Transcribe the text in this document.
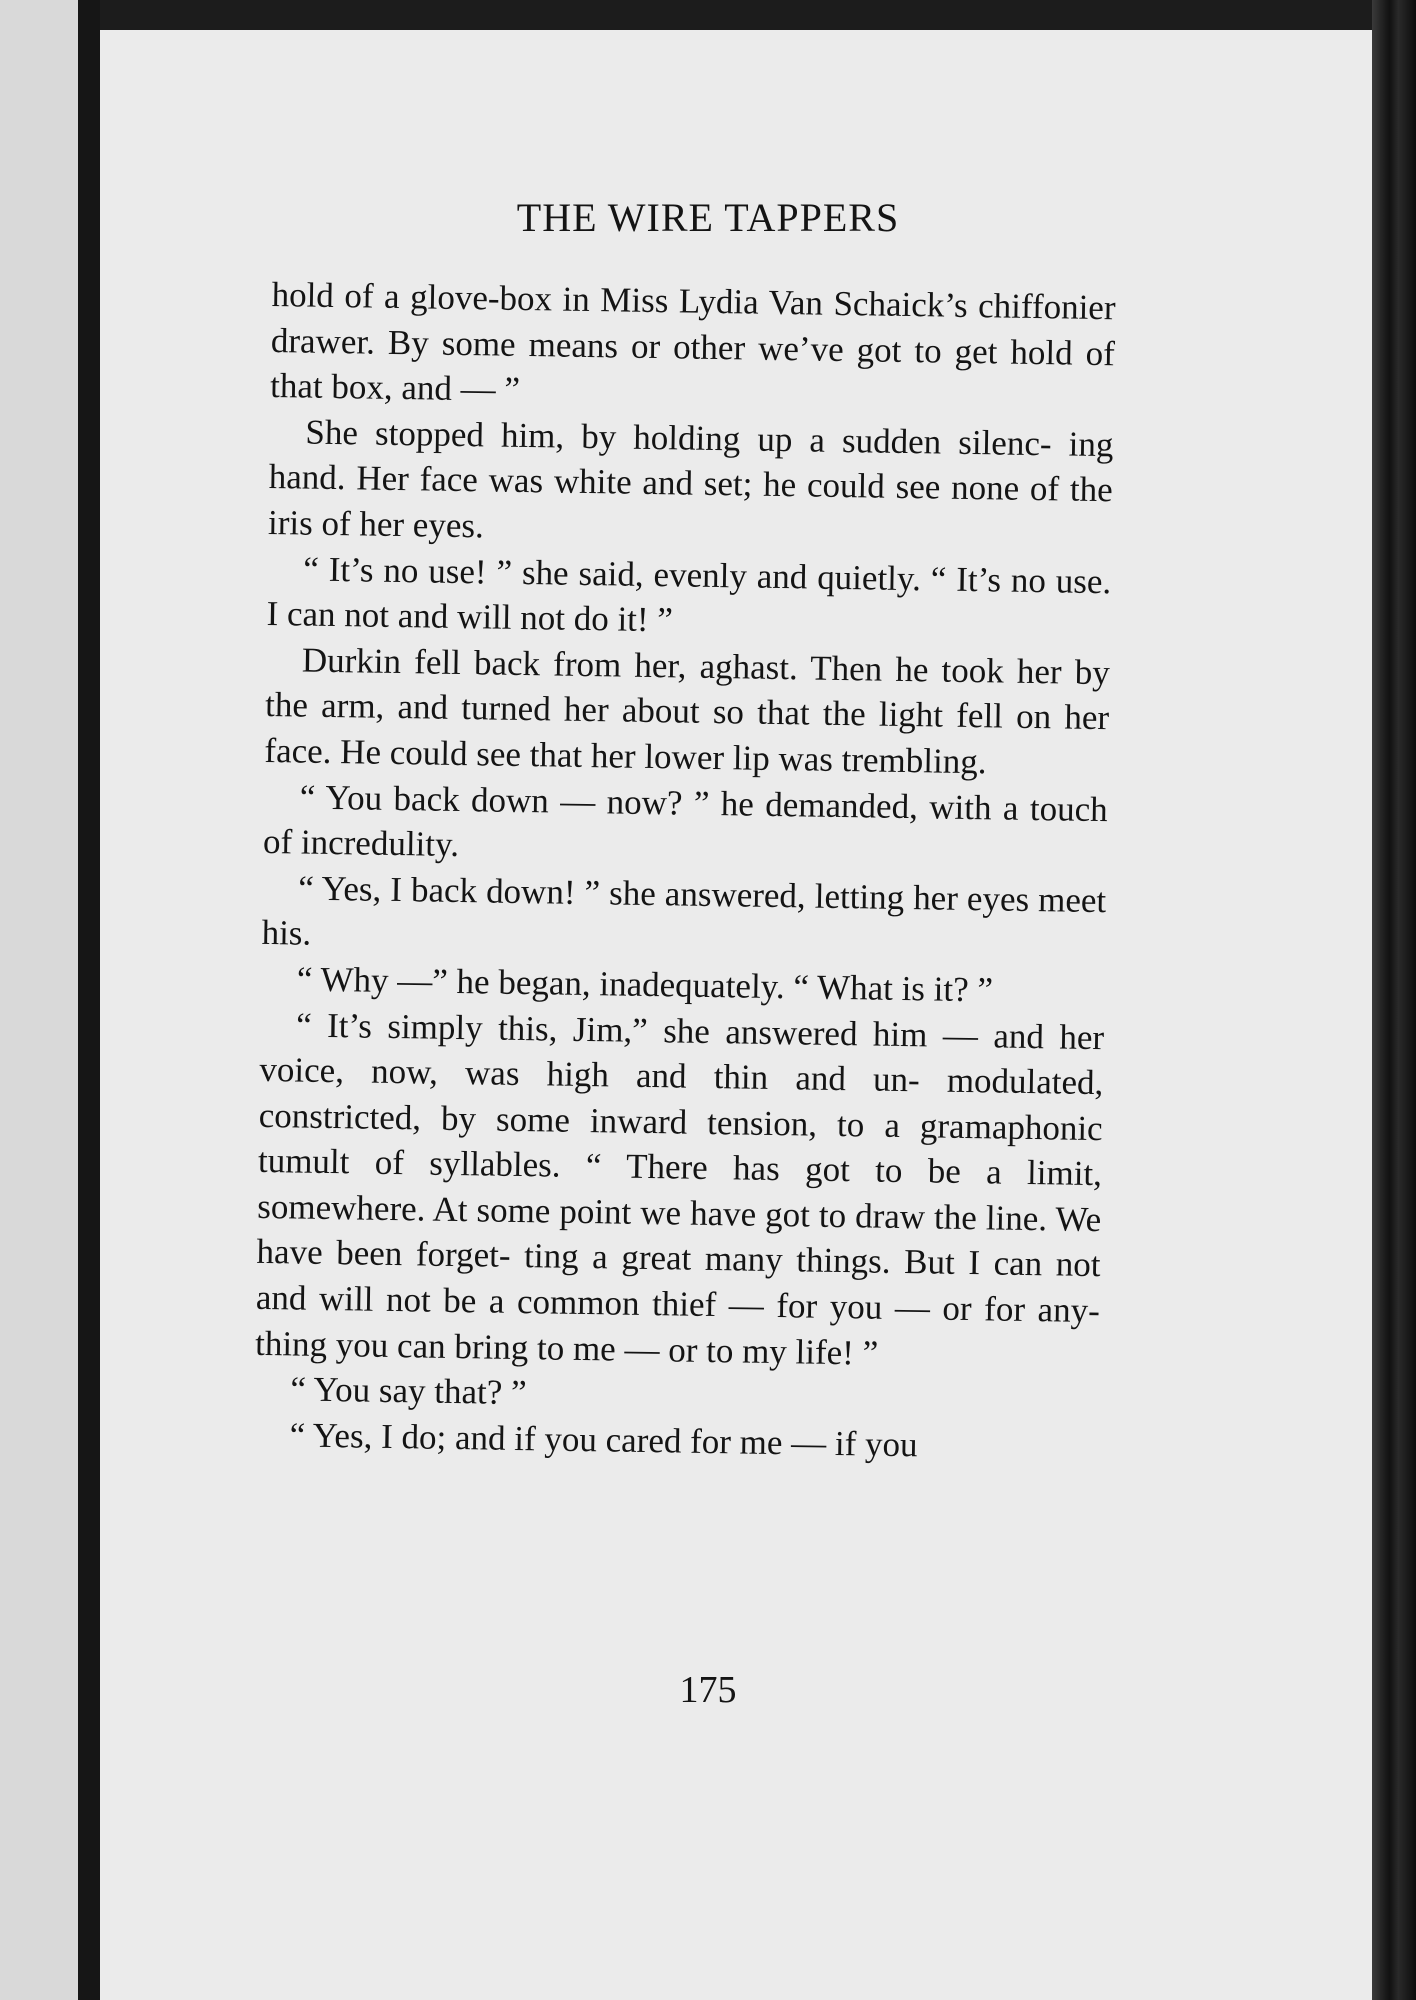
THE WIRE TAPPERS

hold of a glove-box in Miss Lydia Van Schaick’s chiffonier drawer. By some means or other we’ve got to get hold of that box, and — ”

She stopped him, by holding up a sudden silenc- ing hand. Her face was white and set; he could see none of the iris of her eyes.

“ It’s no use! ” she said, evenly and quietly. “ It’s no use. I can not and will not do it! ”

Durkin fell back from her, aghast. Then he took her by the arm, and turned her about so that the light fell on her face. He could see that her lower lip was trembling.

“ You back down — now? ” he demanded, with a touch of incredulity.

“ Yes, I back down! ” she answered, letting her eyes meet his.

“ Why —” he began, inadequately. “ What is it? ”

“ It’s simply this, Jim,” she answered him — and her voice, now, was high and thin and un- modulated, constricted, by some inward tension, to a gramaphonic tumult of syllables. “ There has got to be a limit, somewhere. At some point we have got to draw the line. We have been forget- ting a great many things. But I can not and will not be a common thief — for you — or for any- thing you can bring to me — or to my life! ”

“ You say that? ”

“ Yes, I do; and if you cared for me — if you

175
